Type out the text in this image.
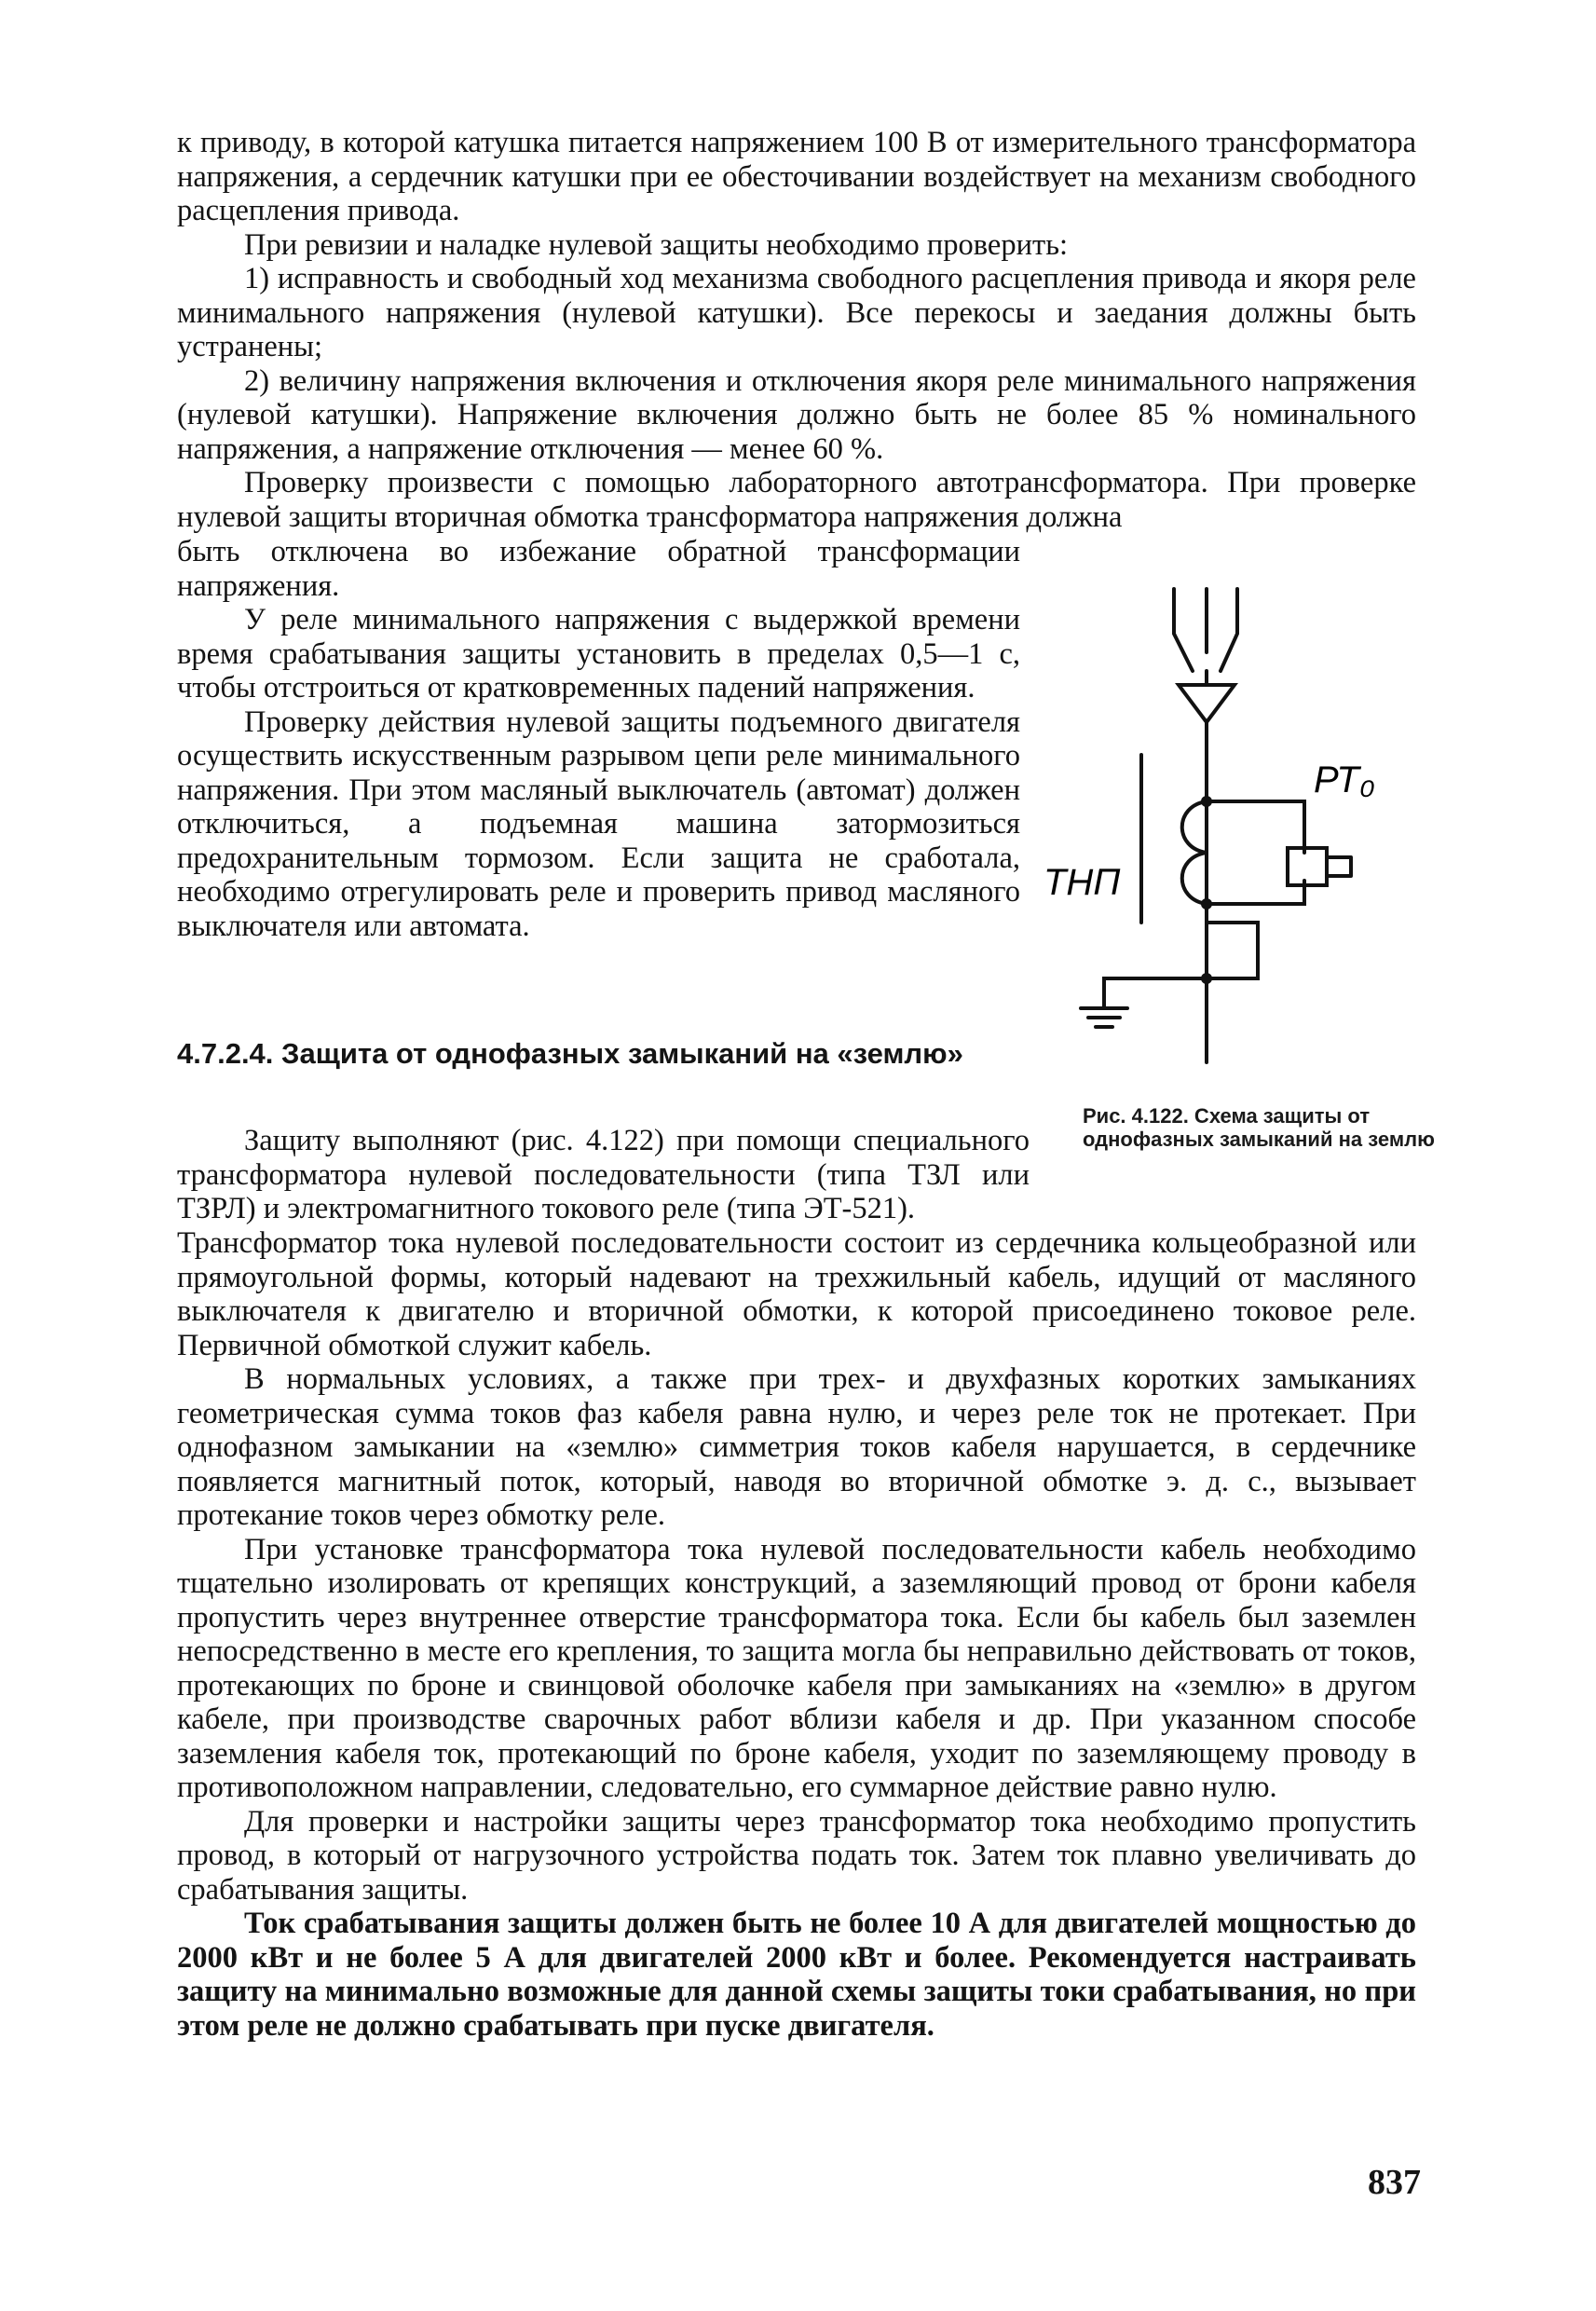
к приводу, в которой катушка питается напряжением 100 В от измерительного трансформатора напряжения, а сердечник катушки при ее обесточивании воздействует на механизм свободного расцепления привода.

При ревизии и наладке нулевой защиты необходимо проверить:

1) исправность и свободный ход механизма свободного расцепления привода и якоря реле минимального напряжения (нулевой катушки). Все перекосы и заедания должны быть устранены;

2) величину напряжения включения и отключения якоря реле минимального напряжения (нулевой катушки). Напряжение включения должно быть не более 85 % номинального напряжения, а напряжение отключения — менее 60 %.

Проверку произвести с помощью лабораторного автотрансформатора. При проверке нулевой защиты вторичная обмотка трансформатора напряжения должна

быть отключена во избежание обратной трансформации напряжения.

У реле минимального напряжения с выдержкой времени время срабатывания защиты установить в пределах 0,5—1 с, чтобы отстроиться от кратковременных падений напряжения.

Проверку действия нулевой защиты подъемного двигателя осуществить искусственным разрывом цепи реле минимального напряжения. При этом масляный выключатель (автомат) должен отключиться, а подъемная машина затормозиться предохранительным тормозом. Если защита не сработала, необходимо отрегулировать реле и проверить привод масляного выключателя или автомата.

4.7.2.4. Защита от однофазных замыканий на «землю»

Защиту выполняют (рис. 4.122) при помощи специального трансформатора нулевой последовательности (типа ТЗЛ или ТЗРЛ) и электромагнитного токового реле (типа ЭТ-521).

Трансформатор тока нулевой последовательности состоит из сердечника кольцеобразной или прямоугольной формы, который надевают на трехжильный кабель, идущий от масляного выключателя к двигателю и вторичной обмотки, к которой присоединено токовое реле. Первичной обмоткой служит кабель.

В нормальных условиях, а также при трех- и двухфазных коротких замыканиях геометрическая сумма токов фаз кабеля равна нулю, и через реле ток не протекает. При однофазном замыкании на «землю» симметрия токов кабеля нарушается, в сердечнике появляется магнитный поток, который, наводя во вторичной обмотке э. д. с., вызывает протекание токов через обмотку реле.

При установке трансформатора тока нулевой последовательности кабель необходимо тщательно изолировать от крепящих конструкций, а заземляющий провод от брони кабеля пропустить через внутреннее отверстие трансформатора тока. Если бы кабель был заземлен непосредственно в месте его крепления, то защита могла бы неправильно действовать от токов, протекающих по броне и свинцовой оболочке кабеля при замыканиях на «землю» в другом кабеле, при производстве сварочных работ вблизи кабеля и др. При указанном способе заземления кабеля ток, протекающий по броне кабеля, уходит по заземляющему проводу в противоположном направлении, следовательно, его суммарное действие равно нулю.

Для проверки и настройки защиты через трансформатор тока необходимо пропустить провод, в который от нагрузочного устройства подать ток. Затем ток плавно увеличивать до срабатывания защиты.

Ток срабатывания защиты должен быть не более 10 А для двигателей мощностью до 2000 кВт и не более 5 А для двигателей 2000 кВт и более. Рекомендуется настраивать защиту на минимально возможные для данной схемы защиты токи срабатывания, но при этом реле не должно срабатывать при пуске двигателя.

РТ₀
ТНП

Рис. 4.122. Схема защиты от однофазных замыканий на землю

837
